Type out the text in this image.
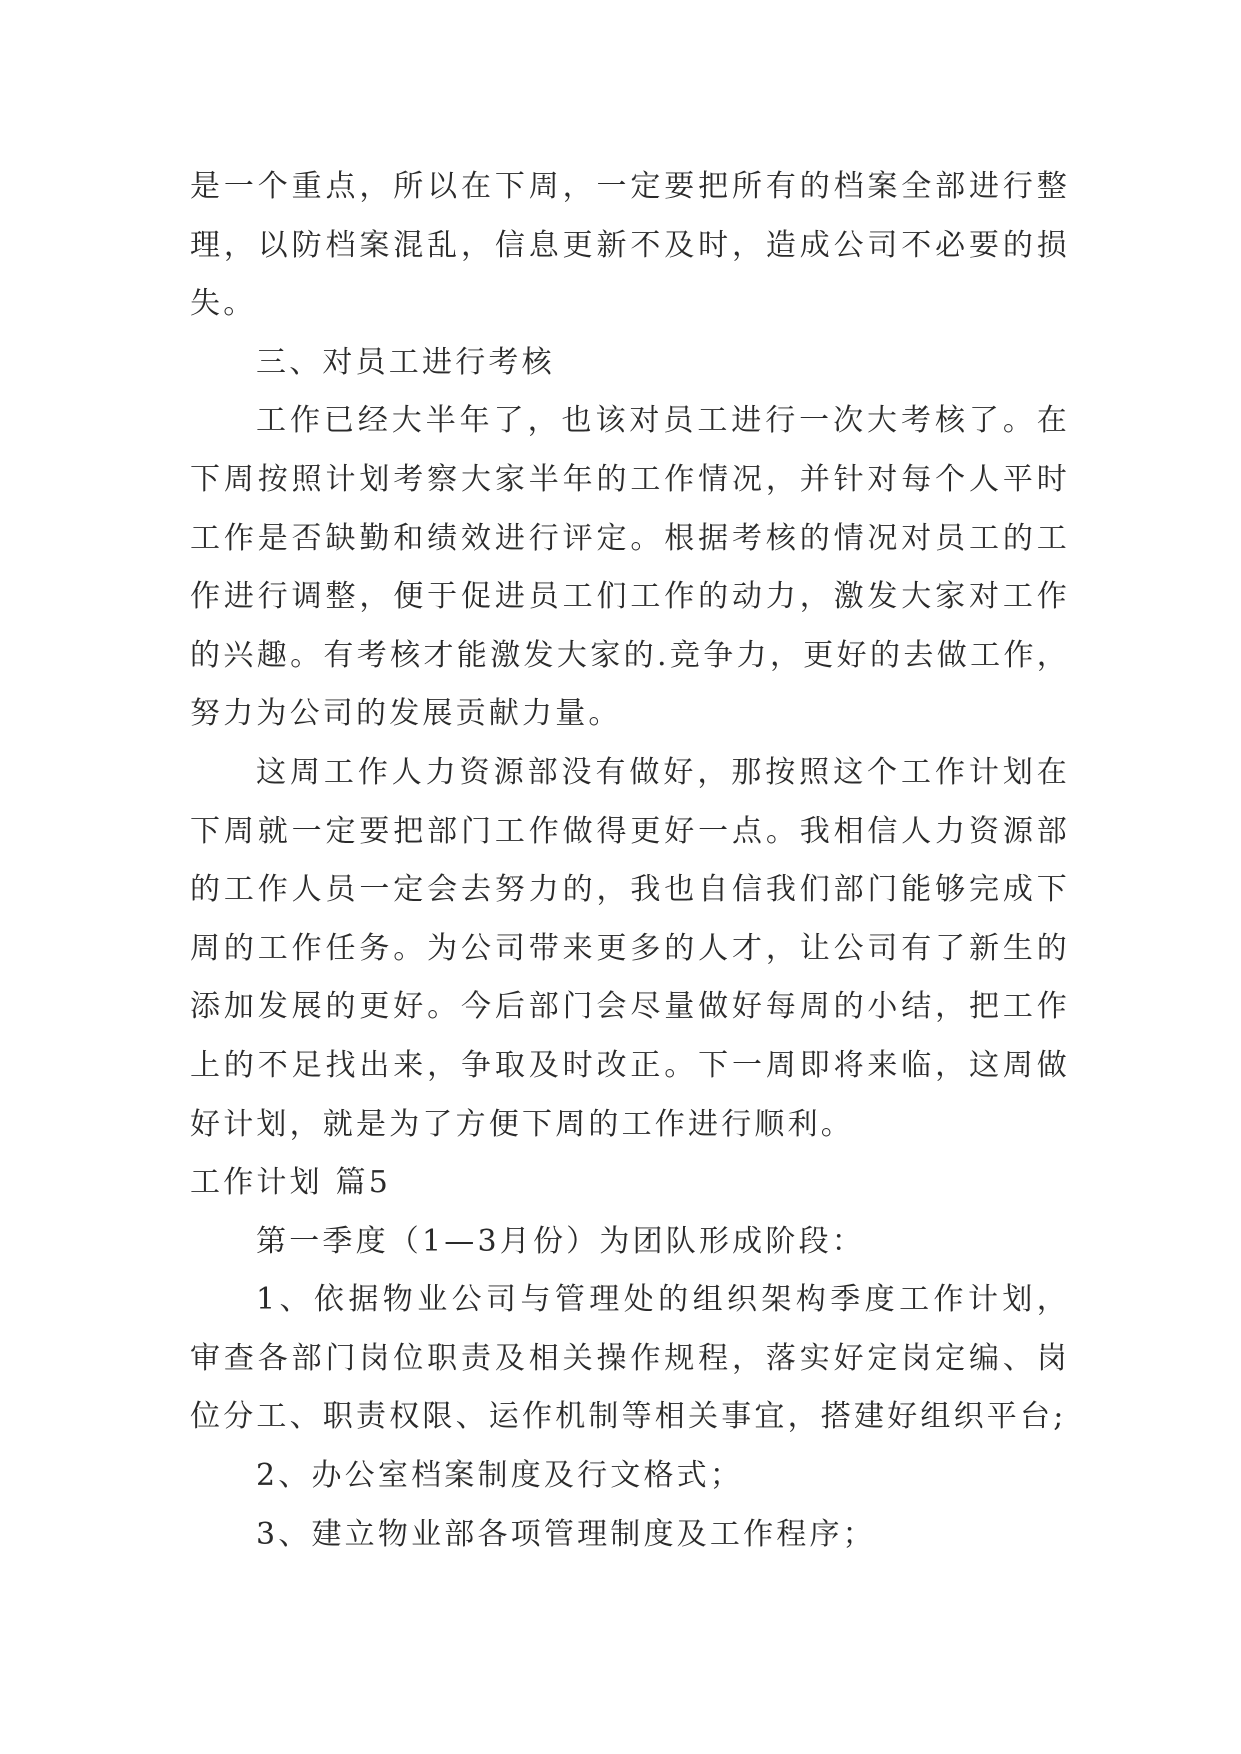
是一个重点，所以在下周，一定要把所有的档案全部进行整理，以防档案混乱，信息更新不及时，造成公司不必要的损失。

三、对员工进行考核

工作已经大半年了，也该对员工进行一次大考核了。在下周按照计划考察大家半年的工作情况，并针对每个人平时工作是否缺勤和绩效进行评定。根据考核的情况对员工的工作进行调整，便于促进员工们工作的动力，激发大家对工作的兴趣。有考核才能激发大家的.竞争力，更好的去做工作，努力为公司的发展贡献力量。

这周工作人力资源部没有做好，那按照这个工作计划在下周就一定要把部门工作做得更好一点。我相信人力资源部的工作人员一定会去努力的，我也自信我们部门能够完成下周的工作任务。为公司带来更多的人才，让公司有了新生的添加发展的更好。今后部门会尽量做好每周的小结，把工作上的不足找出来，争取及时改正。下一周即将来临，这周做好计划，就是为了方便下周的工作进行顺利。

工作计划 篇5

第一季度（1—3月份）为团队形成阶段：

1、依据物业公司与管理处的组织架构季度工作计划，审查各部门岗位职责及相关操作规程，落实好定岗定编、岗位分工、职责权限、运作机制等相关事宜，搭建好组织平台;

2、办公室档案制度及行文格式；

3、建立物业部各项管理制度及工作程序；
